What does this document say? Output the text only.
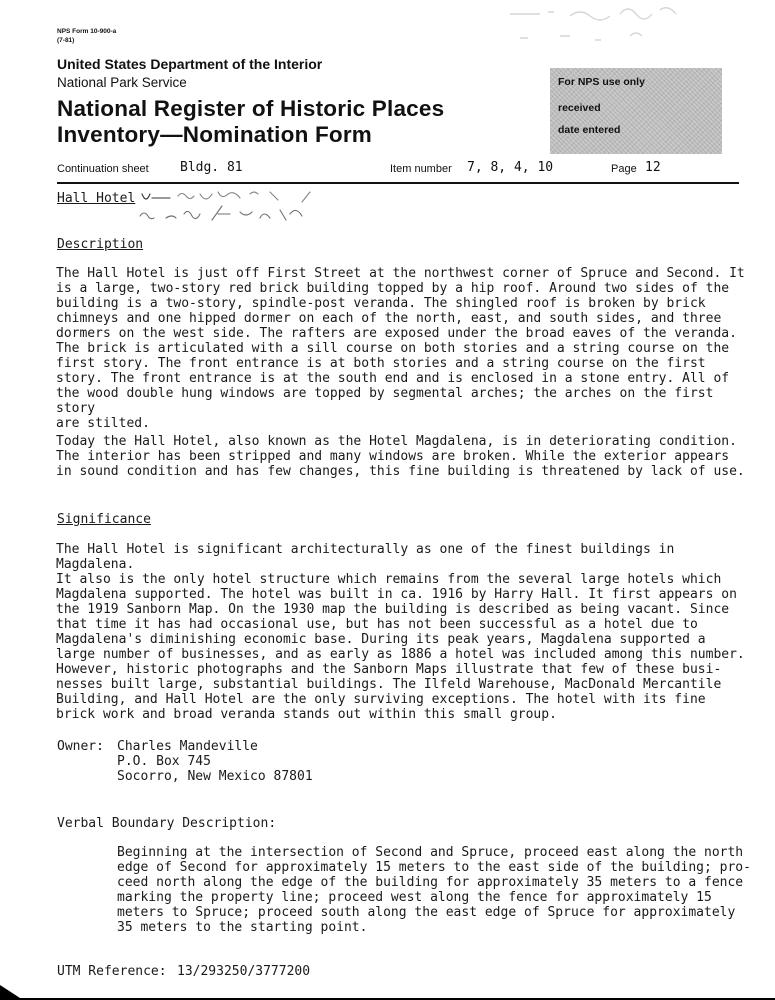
NPS Form 10-900-a
(7-81)
United States Department of the Interior
National Park Service
National Register of Historic Places
Inventory—Nomination Form
For NPS use only
received
date entered
Continuation sheet Bldg. 81	Item number 7, 8, 4, 10	Page 12
Hall Hotel
Description
The Hall Hotel is just off First Street at the northwest corner of Spruce and Second. It
is a large, two-story red brick building topped by a hip roof. Around two sides of the
building is a two-story, spindle-post veranda. The shingled roof is broken by brick
chimneys and one hipped dormer on each of the north, east, and south sides, and three
dormers on the west side. The rafters are exposed under the broad eaves of the veranda.
The brick is articulated with a sill course on both stories and a string course on the
first story. The front entrance is at both stories and a string course on the first
story. The front entrance is at the south end and is enclosed in a stone entry. All of
the wood double hung windows are topped by segmental arches; the arches on the first story
are stilted.
Today the Hall Hotel, also known as the Hotel Magdalena, is in deteriorating condition.
The interior has been stripped and many windows are broken. While the exterior appears
in sound condition and has few changes, this fine building is threatened by lack of use.
Significance
The Hall Hotel is significant architecturally as one of the finest buildings in Magdalena.
It also is the only hotel structure which remains from the several large hotels which
Magdalena supported. The hotel was built in ca. 1916 by Harry Hall. It first appears on
the 1919 Sanborn Map. On the 1930 map the building is described as being vacant. Since
that time it has had occasional use, but has not been successful as a hotel due to
Magdalena's diminishing economic base. During its peak years, Magdalena supported a
large number of businesses, and as early as 1886 a hotel was included among this number.
However, historic photographs and the Sanborn Maps illustrate that few of these busi-
nesses built large, substantial buildings. The Ilfeld Warehouse, MacDonald Mercantile
Building, and Hall Hotel are the only surviving exceptions. The hotel with its fine
brick work and broad veranda stands out within this small group.
Owner: Charles Mandeville
P.O. Box 745
Socorro, New Mexico 87801
Verbal Boundary Description:
Beginning at the intersection of Second and Spruce, proceed east along the north
edge of Second for approximately 15 meters to the east side of the building; pro-
ceed north along the edge of the building for approximately 35 meters to a fence
marking the property line; proceed west along the fence for approximately 15
meters to Spruce; proceed south along the east edge of Spruce for approximately
35 meters to the starting point.
UTM Reference: 13/293250/3777200
